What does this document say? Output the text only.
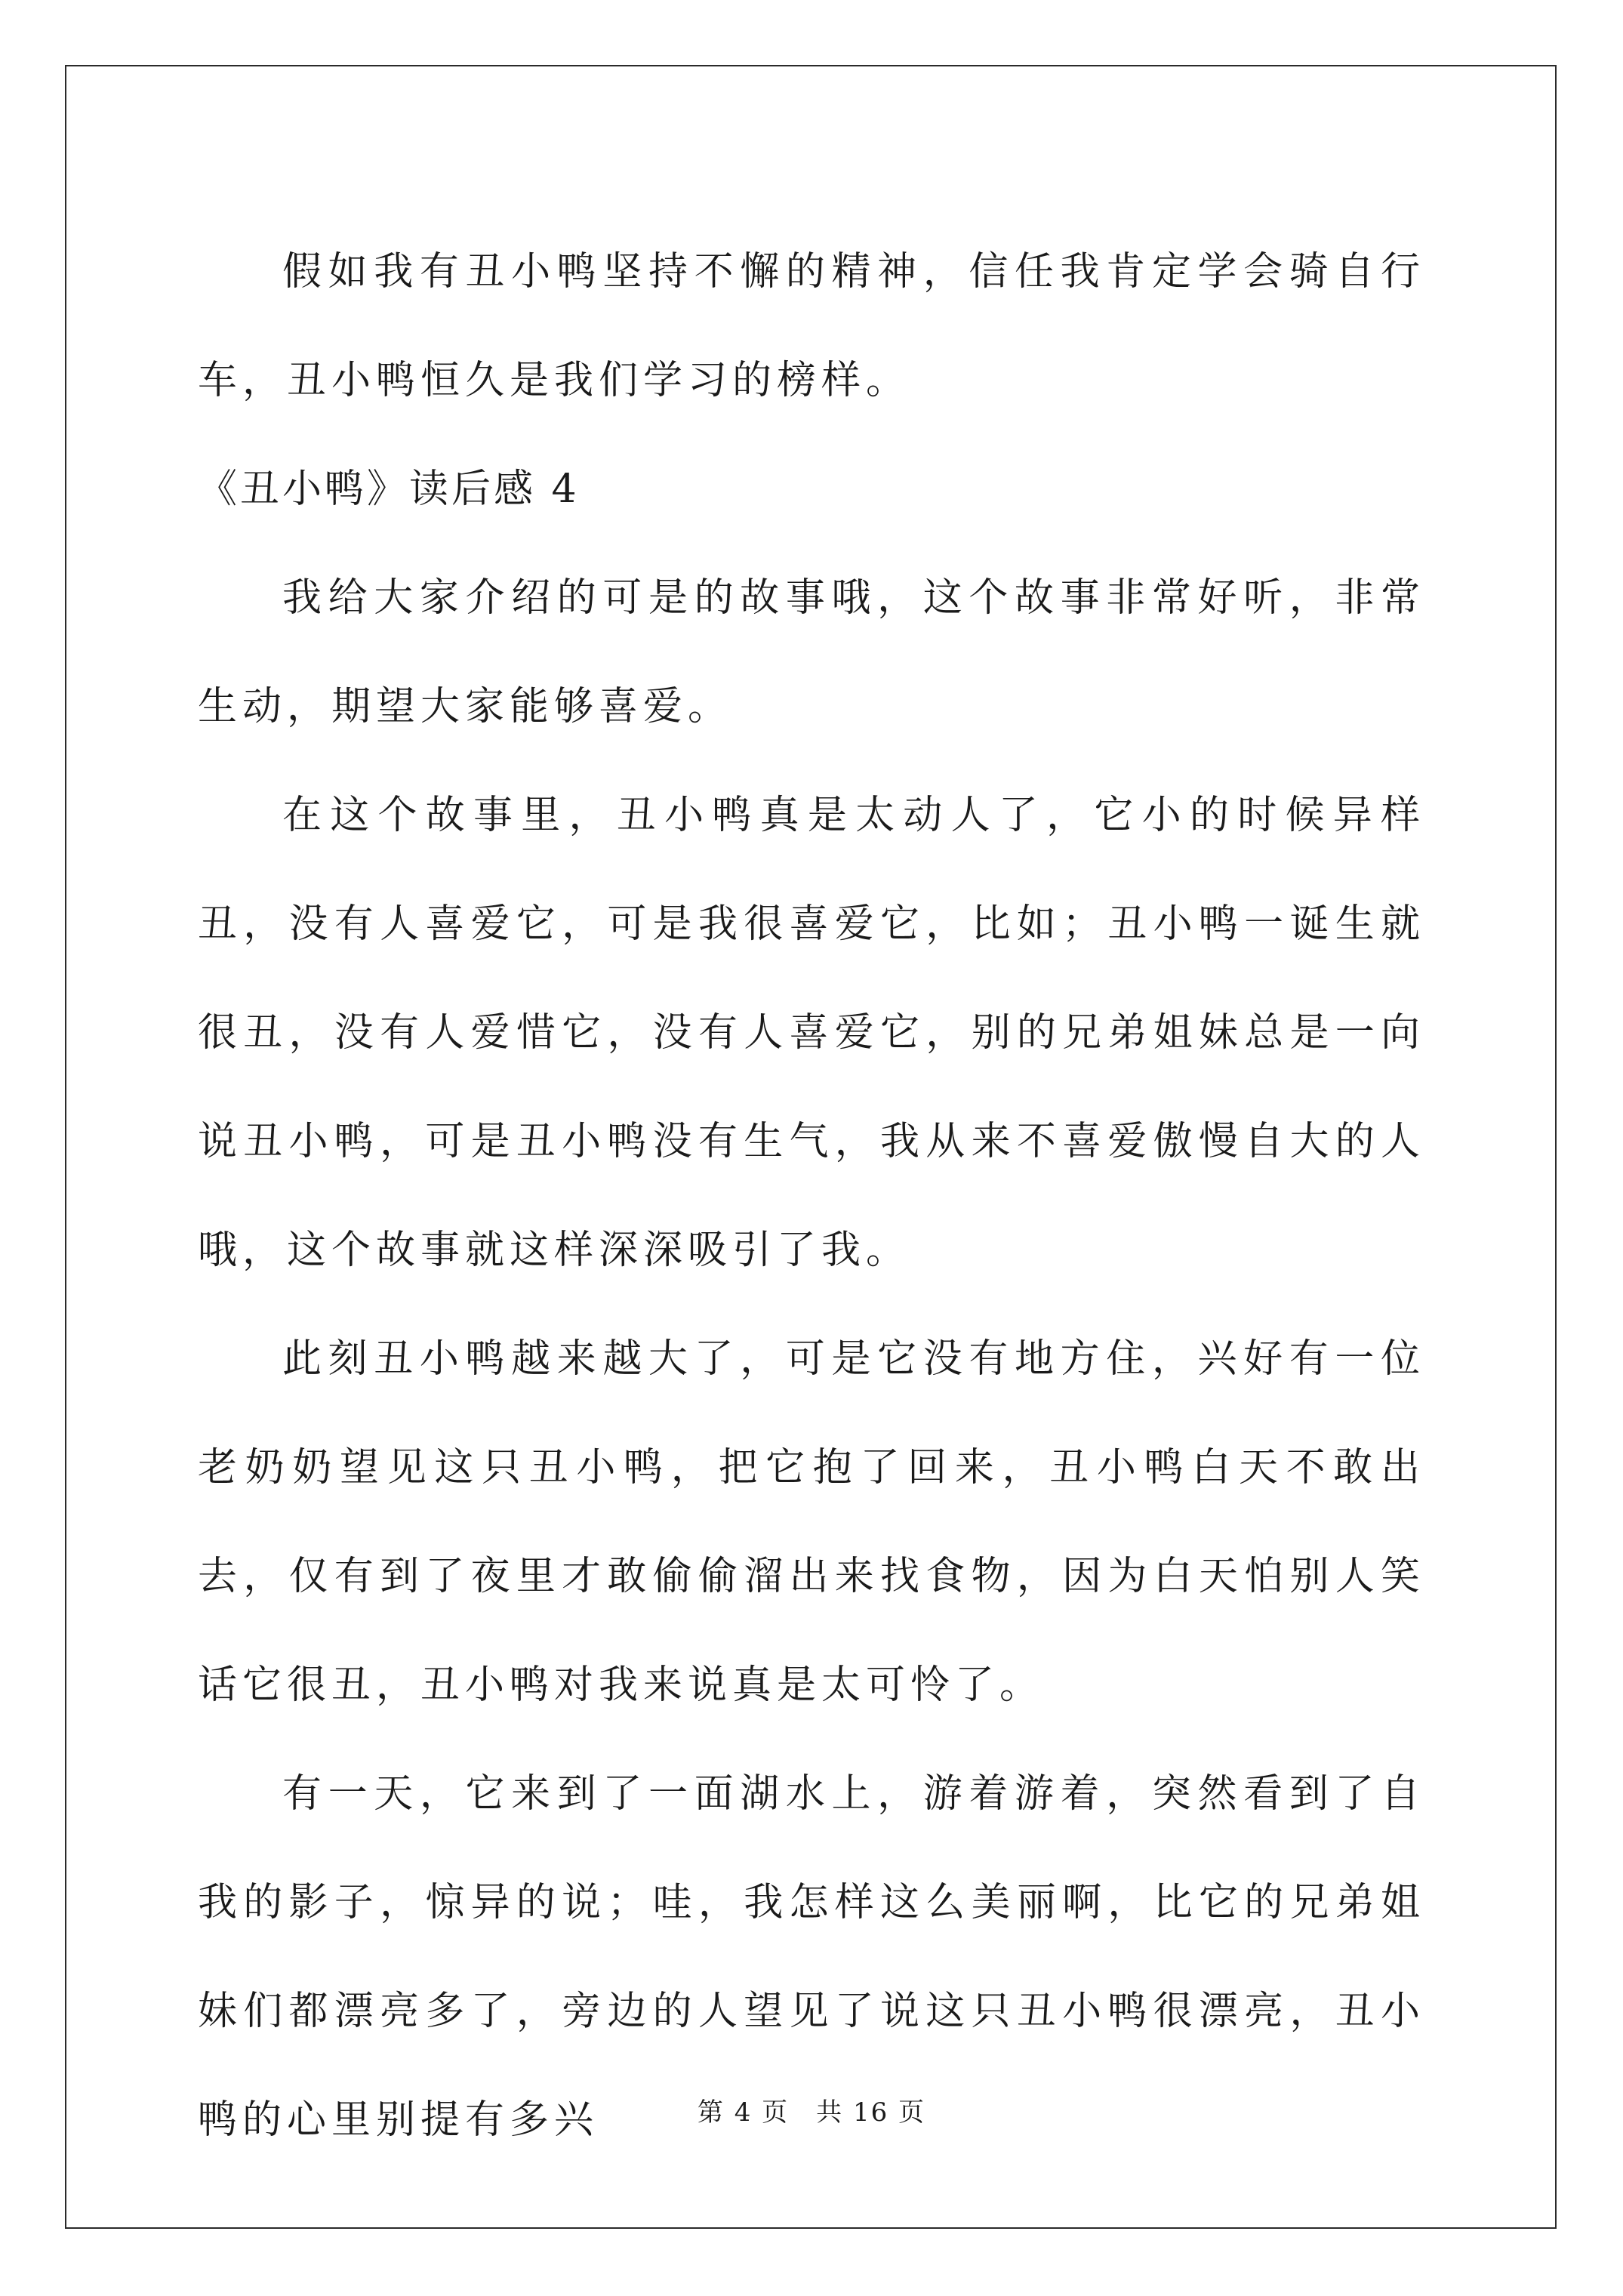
假如我有丑小鸭坚持不懈的精神，信任我肯定学会骑自行车，丑小鸭恒久是我们学习的榜样。

《丑小鸭》读后感 4

我给大家介绍的可是的故事哦，这个故事非常好听，非常生动，期望大家能够喜爱。

在这个故事里，丑小鸭真是太动人了，它小的时候异样丑，没有人喜爱它，可是我很喜爱它，比如；丑小鸭一诞生就很丑，没有人爱惜它，没有人喜爱它，别的兄弟姐妹总是一向说丑小鸭，可是丑小鸭没有生气，我从来不喜爱傲慢自大的人哦，这个故事就这样深深吸引了我。

此刻丑小鸭越来越大了，可是它没有地方住，兴好有一位老奶奶望见这只丑小鸭，把它抱了回来，丑小鸭白天不敢出去，仅有到了夜里才敢偷偷溜出来找食物，因为白天怕别人笑话它很丑，丑小鸭对我来说真是太可怜了。

有一天，它来到了一面湖水上，游着游着，突然看到了自我的影子，惊异的说；哇，我怎样这么美丽啊，比它的兄弟姐妹们都漂亮多了，旁边的人望见了说这只丑小鸭很漂亮，丑小鸭的心里别提有多兴	第 4 页 共 16 页
